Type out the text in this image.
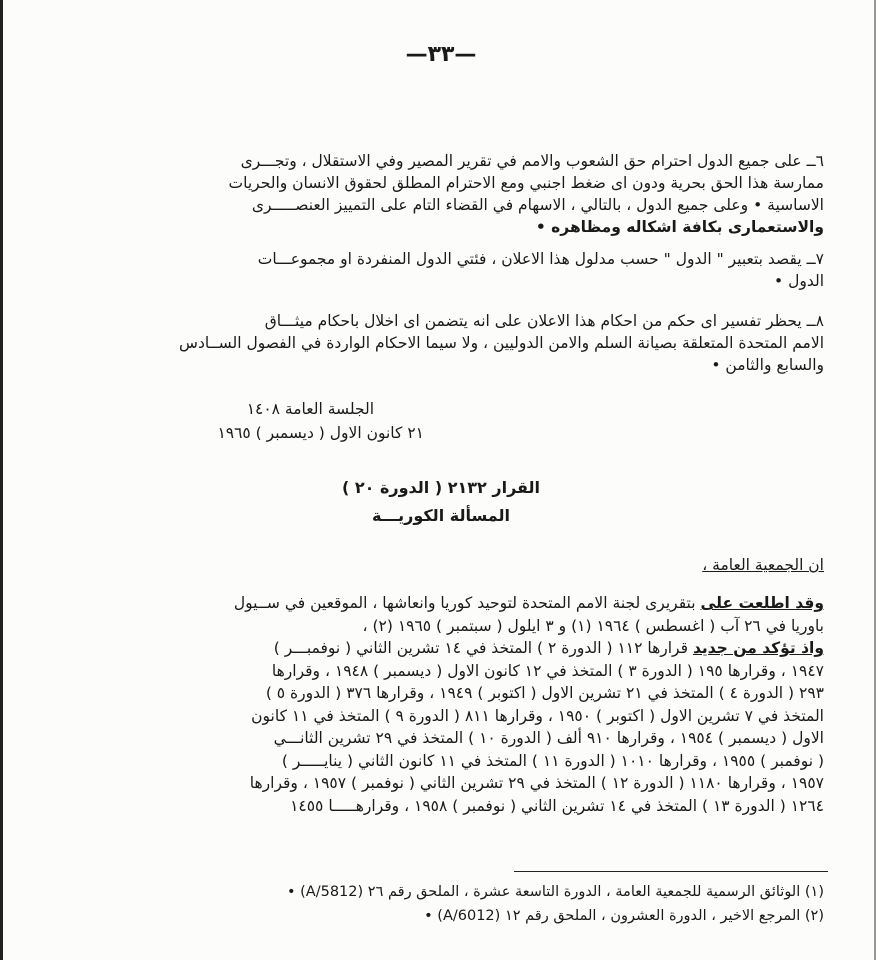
—٣٣—
٦ــ على جميع الدول احترام حق الشعوب والامم في تقرير المصير وفي الاستقلال ، وتجـــرى
ممارسة هذا الحق بحرية ودون اى ضغط اجنبي ومع الاحترام المطلق لحقوق الانسان والحريات
الاساسية • وعلى جميع الدول ، بالتالي ، الاسهام في القضاء التام على التمييز العنصـــــرى
والاستعمارى بكافة اشكاله ومظاهره •
٧ــ يقصد بتعبير " الدول " حسب مدلول هذا الاعلان ، فئتي الدول المنفردة او مجموعـــات
الدول •
٨ــ يحظر تفسير اى حكم من احكام هذا الاعلان على انه يتضمن اى اخلال باحكام ميثـــاق
الامم المتحدة المتعلقة بصيانة السلم والامن الدوليين ، ولا سيما الاحكام الواردة في الفصول الســادس
والسابع والثامن •
الجلسة العامة ١٤٠٨
٢١ كانون الاول ( ديسمبر ) ١٩٦٥
القرار ٢١٣٢ ( الدورة ٢٠ )
المسألة الكوريـــة
ان الجمعية العامة ،
وقد اطلعت على بتقريرى لجنة الامم المتحدة لتوحيد كوريا وانعاشها ، الموقعين في ســيول
باوريا في ٢٦ آب ( اغسطس ) ١٩٦٤ (١) و ٣ ايلول ( سبتمبر ) ١٩٦٥ (٢) ،
واذ تؤكد من جديد قرارها ١١٢ ( الدورة ٢ ) المتخذ في ١٤ تشرين الثاني ( نوفمبـــر )
١٩٤٧ ، وقرارها ١٩٥ ( الدورة ٣ ) المتخذ في ١٢ كانون الاول ( ديسمبر ) ١٩٤٨ ، وقرارها
٢٩٣ ( الدورة ٤ ) المتخذ في ٢١ تشرين الاول ( اكتوبر ) ١٩٤٩ ، وقرارها ٣٧٦ ( الدورة ٥ )
المتخذ في ٧ تشرين الاول ( اكتوبر ) ١٩٥٠ ، وقرارها ٨١١ ( الدورة ٩ ) المتخذ في ١١ كانون
الاول ( ديسمبر ) ١٩٥٤ ، وقرارها ٩١٠ ألف ( الدورة ١٠ ) المتخذ في ٢٩ تشرين الثانـــي
( نوفمبر ) ١٩٥٥ ، وقرارها ١٠١٠ ( الدورة ١١ ) المتخذ في ١١ كانون الثاني ( ينايـــــر )
١٩٥٧ ، وقرارها ١١٨٠ ( الدورة ١٢ ) المتخذ في ٢٩ تشرين الثاني ( نوفمبر ) ١٩٥٧ ، وقرارها
١٢٦٤ ( الدورة ١٣ ) المتخذ في ١٤ تشرين الثاني ( نوفمبر ) ١٩٥٨ ، وقرارهـــــا ١٤٥٥
(١) الوثائق الرسمية للجمعية العامة ، الدورة التاسعة عشرة ، الملحق رقم ٢٦ (A/5812) •
(٢) المرجع الاخير ، الدورة العشرون ، الملحق رقم ١٢ (A/6012) •
